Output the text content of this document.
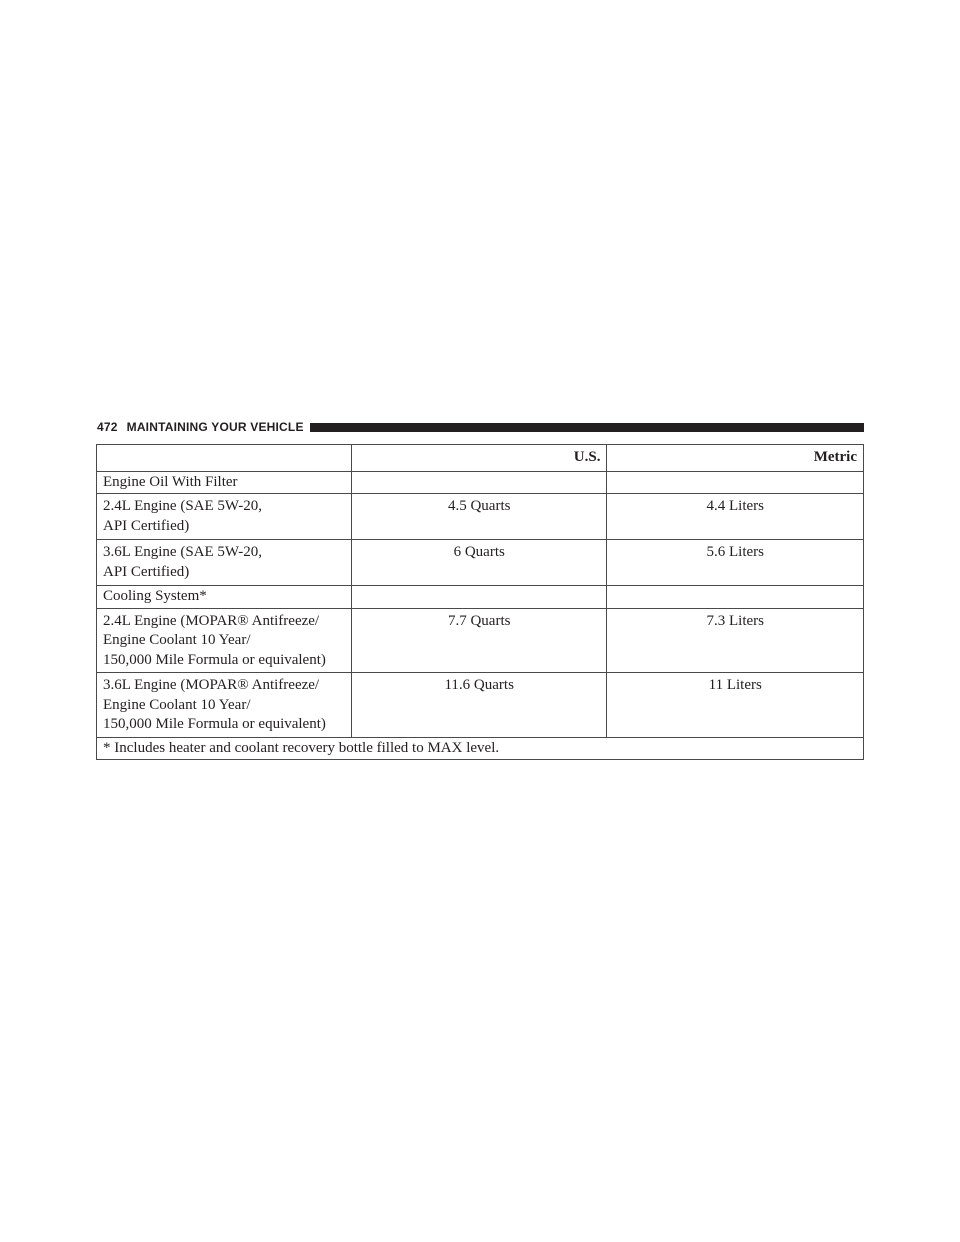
472 MAINTAINING YOUR VEHICLE
	U.S.	Metric
Engine Oil With Filter		

2.4L Engine (SAE 5W-20,
API Certified)	4.5 Quarts	4.4 Liters

3.6L Engine (SAE 5W-20,
API Certified)	6 Quarts	5.6 Liters
Cooling System*		

2.4L Engine (MOPAR® Antifreeze/
Engine Coolant 10 Year/
150,000 Mile Formula or equivalent)	7.7 Quarts	7.3 Liters

3.6L Engine (MOPAR® Antifreeze/
Engine Coolant 10 Year/
150,000 Mile Formula or equivalent)	11.6 Quarts	11 Liters
* Includes heater and coolant recovery bottle filled to MAX level.		
